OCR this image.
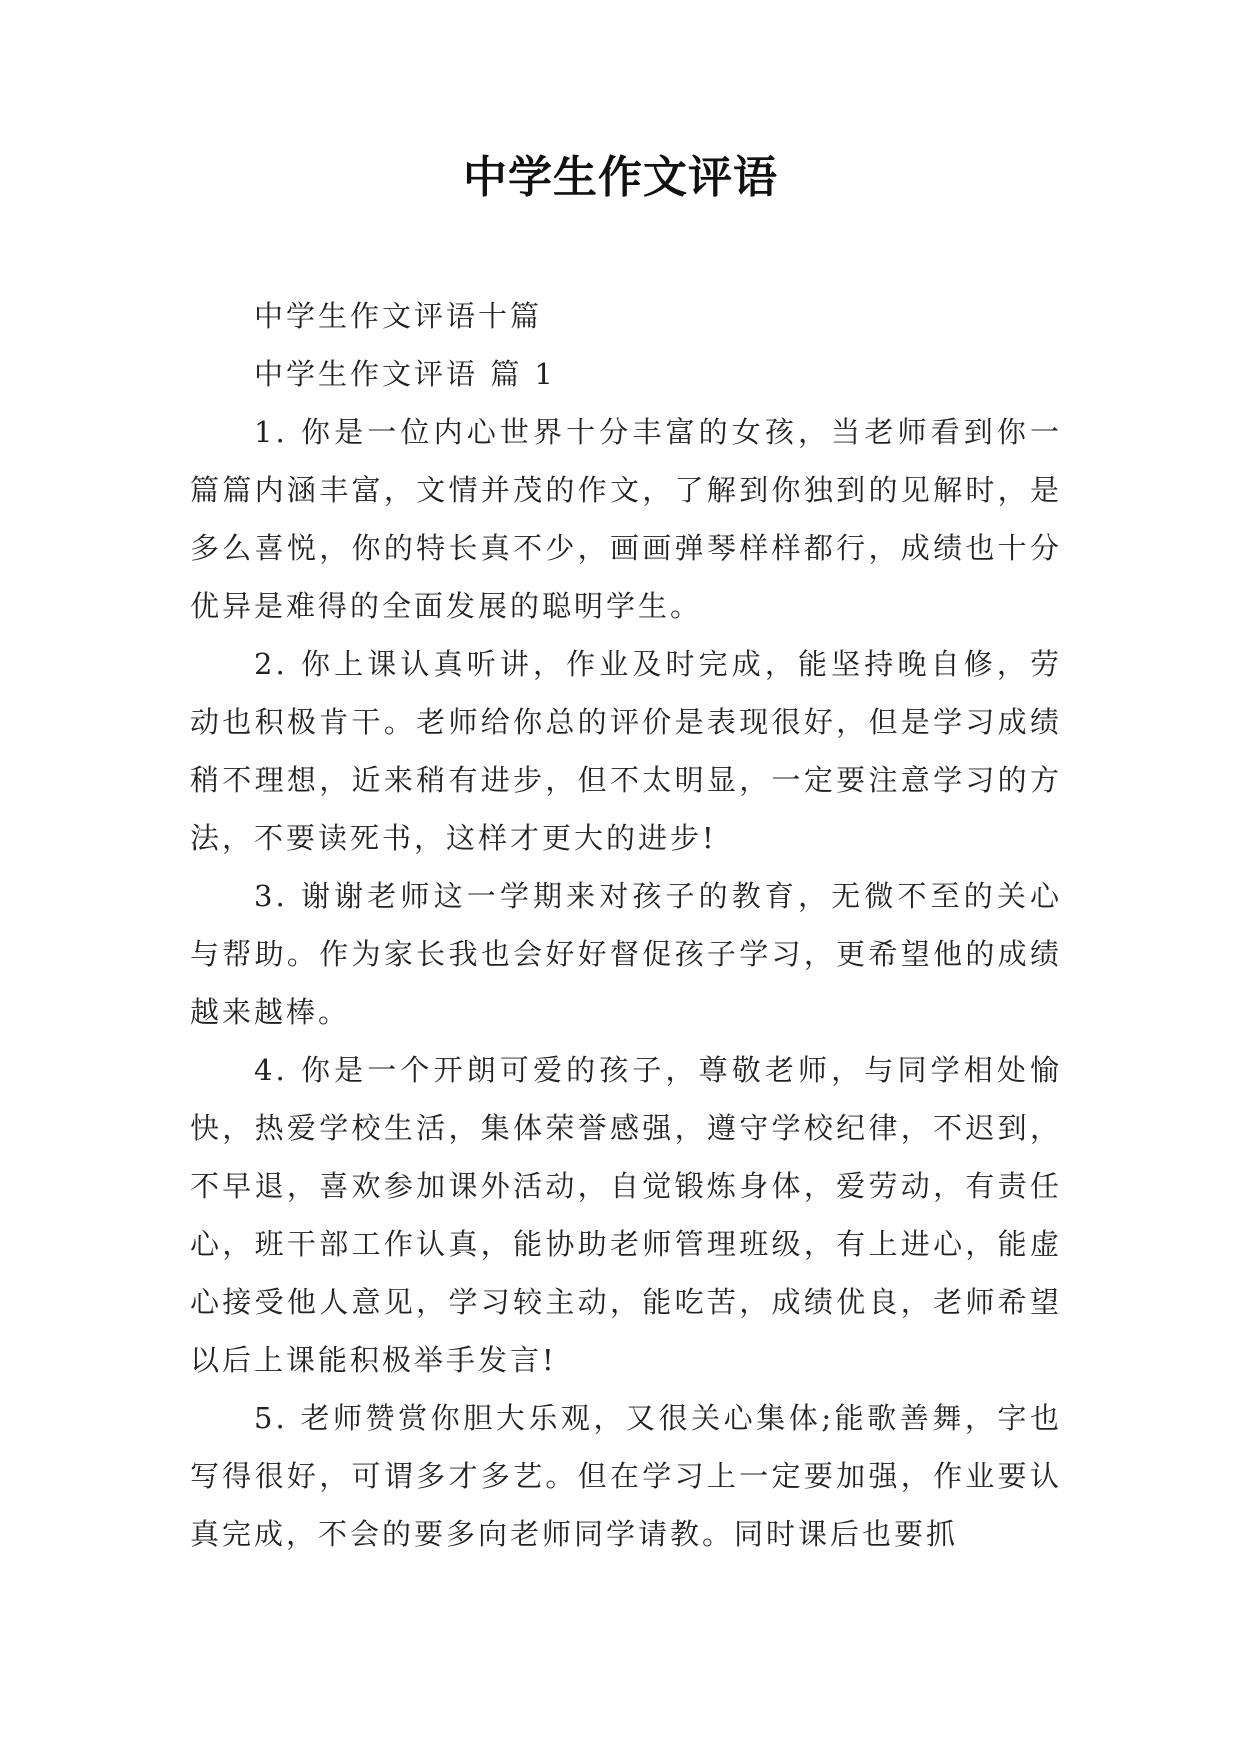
中学生作文评语

中学生作文评语十篇

中学生作文评语 篇 1

1. 你是一位内心世界十分丰富的女孩，当老师看到你一篇篇内涵丰富，文情并茂的作文，了解到你独到的见解时，是多么喜悦，你的特长真不少，画画弹琴样样都行，成绩也十分优异是难得的全面发展的聪明学生。

2. 你上课认真听讲，作业及时完成，能坚持晚自修，劳动也积极肯干。老师给你总的评价是表现很好，但是学习成绩稍不理想，近来稍有进步，但不太明显，一定要注意学习的方法，不要读死书，这样才更大的进步!

3. 谢谢老师这一学期来对孩子的教育，无微不至的关心与帮助。作为家长我也会好好督促孩子学习，更希望他的成绩越来越棒。

4. 你是一个开朗可爱的孩子，尊敬老师，与同学相处愉快，热爱学校生活，集体荣誉感强，遵守学校纪律，不迟到，不早退，喜欢参加课外活动，自觉锻炼身体，爱劳动，有责任心，班干部工作认真，能协助老师管理班级，有上进心，能虚心接受他人意见，学习较主动，能吃苦，成绩优良，老师希望以后上课能积极举手发言!

5. 老师赞赏你胆大乐观，又很关心集体;能歌善舞，字也写得很好，可谓多才多艺。但在学习上一定要加强，作业要认真完成，不会的要多向老师同学请教。同时课后也要抓
